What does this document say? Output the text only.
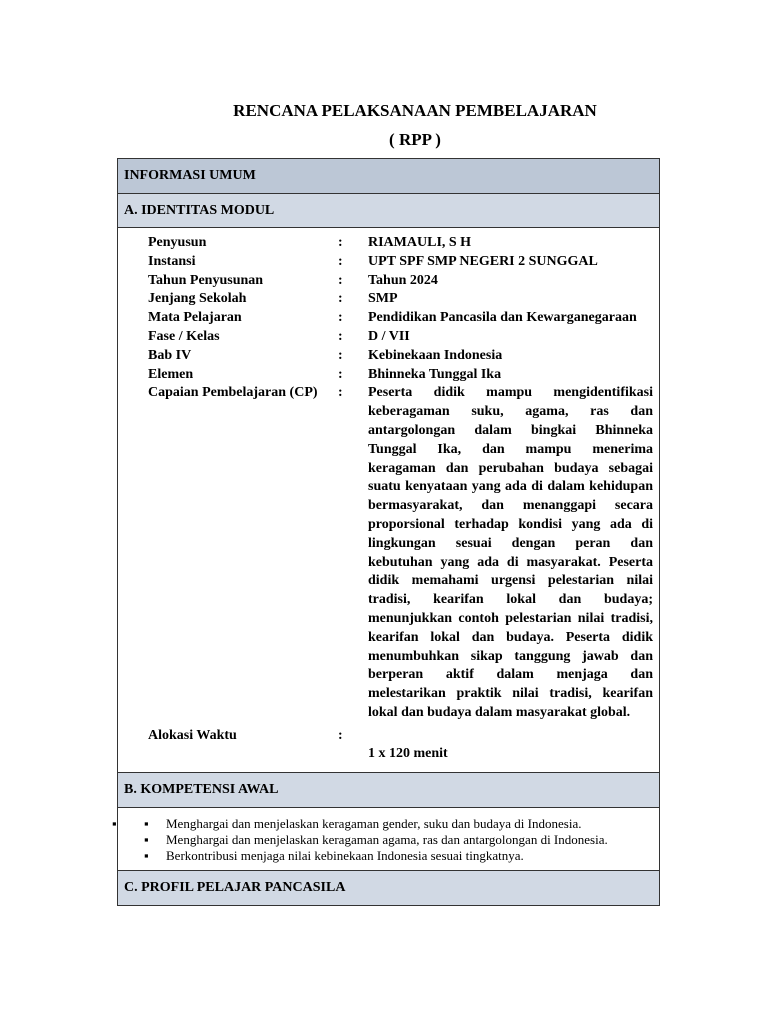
RENCANA PELAKSANAAN PEMBELAJARAN
( RPP )
INFORMASI UMUM
A. IDENTITAS MODUL
Penyusun	:	RIAMAULI, S H
Instansi	:	UPT SPF SMP NEGERI 2 SUNGGAL
Tahun Penyusunan	:	Tahun 2024
Jenjang Sekolah	:	SMP
Mata Pelajaran	:	Pendidikan Pancasila dan Kewarganegaraan
Fase / Kelas	:	D / VII
Bab IV	:	Kebinekaan Indonesia
Elemen	:	Bhinneka Tunggal Ika
Capaian Pembelajaran (CP)	:	Peserta didik mampu mengidentifikasi keberagaman suku, agama, ras dan antargolongan dalam bingkai Bhinneka Tunggal Ika, dan mampu menerima keragaman dan perubahan budaya sebagai suatu kenyataan yang ada di dalam kehidupan bermasyarakat, dan menanggapi secara proporsional terhadap kondisi yang ada di lingkungan sesuai dengan peran dan kebutuhan yang ada di masyarakat. Peserta didik memahami urgensi pelestarian nilai tradisi, kearifan lokal dan budaya; menunjukkan contoh pelestarian nilai tradisi, kearifan lokal dan budaya. Peserta didik menumbuhkan sikap tanggung jawab dan berperan aktif dalam menjaga dan melestarikan praktik nilai tradisi, kearifan lokal dan budaya dalam masyarakat global.
Alokasi Waktu	:
1 x 120 menit
B. KOMPETENSI AWAL
▪ ▪	Menghargai dan menjelaskan keragaman gender, suku dan budaya di Indonesia.
▪	Menghargai dan menjelaskan keragaman agama, ras dan antargolongan di Indonesia.
▪	Berkontribusi menjaga nilai kebinekaan Indonesia sesuai tingkatnya.
C. PROFIL PELAJAR PANCASILA
